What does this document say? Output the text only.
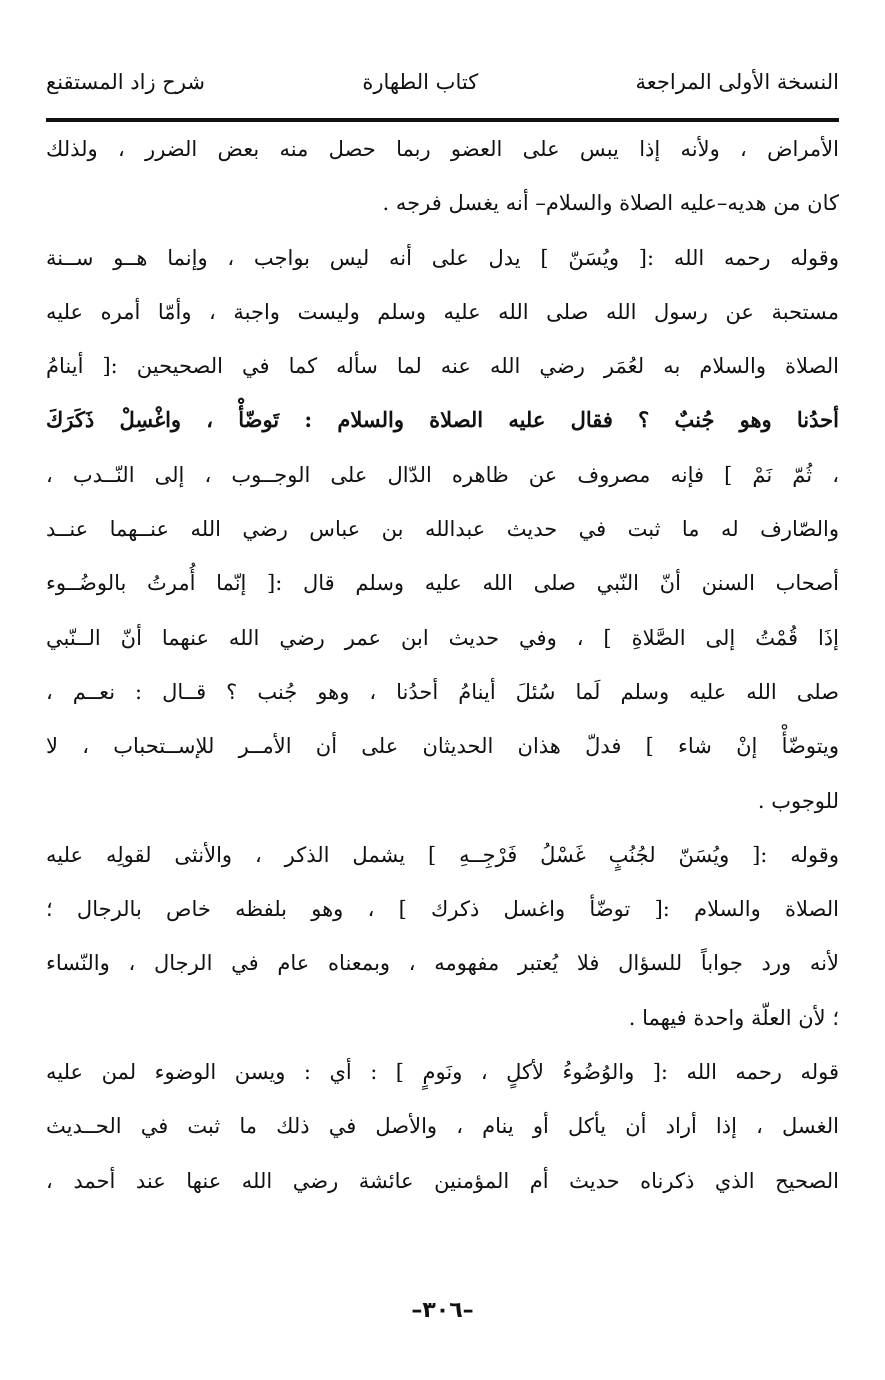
شرح زاد المستقنع	كتاب الطهارة	النسخة الأولى المراجعة
الأمراض ، ولأنه إذا يبس على العضو ربما حصل منه بعض الضرر ، ولذلك
كان من هديه–عليه الصلاة والسلام– أنه يغسل فرجه .
وقوله رحمه الله :[ ويُسَنّ ] يدل على أنه ليس بواجب ، وإنما هــو ســنة
مستحبة عن رسول الله صلى الله عليه وسلم وليست واجبة ، وأمّا أمره عليه
الصلاة والسلام به لعُمَر رضي الله عنه لما سأله كما في الصحيحين :[ أينامُ
أحدُنا وهو جُنبٌ ؟ فقال عليه الصلاة والسلام : تَوضّأْ ، واغْسِلْ ذَكَرَكَ
، ثُمّ نَمْ ] فإنه مصروف عن ظاهره الدّال على الوجــوب ، إلى النّــدب ،
والصّارف له ما ثبت في حديث عبدالله بن عباس رضي الله عنــهما عنــد
أصحاب السنن أنّ النّبي صلى الله عليه وسلم قال :[ إنّما أُمرتُ بالوضُــوء
إذَا قُمْتُ إلى الصَّلاةِ ] ، وفي حديث ابن عمر رضي الله عنهما أنّ الــنّبي
صلى الله عليه وسلم لَما سُئلَ أينامُ أحدُنا ، وهو جُنب ؟ قــال : نعــم ،
ويتوضّأْ إنْ شاء ] فدلّ هذان الحديثان على أن الأمــر للإســتحباب ، لا
للوجوب .
وقوله :[ ويُسَنّ لجُنُبٍ غَسْلُ فَرْجِــهِ ] يشمل الذكر ، والأنثى لقولِه عليه
الصلاة والسلام :[ توضّأ واغسل ذكرك ] ، وهو بلفظه خاص بالرجال ؛
لأنه ورد جواباً للسؤال فلا يُعتبر مفهومه ، وبمعناه عام في الرجال ، والنّساء
؛ لأن العلّة واحدة فيهما .
قوله رحمه الله :[ والوُضُوءُ لأكلٍ ، ونَومٍ ] : أي : ويسن الوضوء لمن عليه
الغسل ، إذا أراد أن يأكل أو ينام ، والأصل في ذلك ما ثبت في الحــديث
الصحيح الذي ذكرناه حديث أم المؤمنين عائشة رضي الله عنها عند أحمد ،
–٣٠٦–
